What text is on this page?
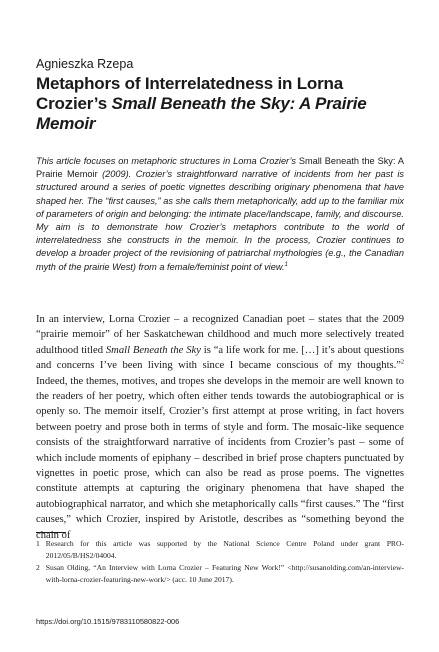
Agnieszka Rzepa
Metaphors of Interrelatedness in Lorna Crozier’s Small Beneath the Sky: A Prairie Memoir
This article focuses on metaphoric structures in Lorna Crozier’s Small Beneath the Sky: A Prairie Memoir (2009). Crozier’s straightforward narrative of incidents from her past is structured around a series of poetic vignettes describing originary phenomena that have shaped her. The “first causes,” as she calls them metaphorically, add up to the familiar mix of parameters of origin and belonging: the intimate place/landscape, family, and discourse. My aim is to demonstrate how Crozier’s metaphors contribute to the world of interrelatedness she constructs in the memoir. In the process, Crozier continues to develop a broader project of the revisioning of patriarchal mythologies (e.g., the Canadian myth of the prairie West) from a female/feminist point of view.$^1$

In an interview, Lorna Crozier – a recognized Canadian poet – states that the 2009 “prairie memoir” of her Saskatchewan childhood and much more selectively treated adulthood titled Small Beneath the Sky is “a life work for me. […] it’s about questions and concerns I’ve been living with since I became conscious of my thoughts.”$^2$ Indeed, the themes, motives, and tropes she develops in the memoir are well known to the readers of her poetry, which often either tends towards the autobiographical or is openly so. The memoir itself, Crozier’s first attempt at prose writing, in fact hovers between poetry and prose both in terms of style and form. The mosaic-like sequence consists of the straightforward narrative of incidents from Crozier’s past – some of which include moments of epiphany – described in brief prose chapters punctuated by vignettes in poetic prose, which can also be read as prose poems. The vignettes constitute attempts at capturing the originary phenomena that have shaped the autobiographical narrator, and which she metaphorically calls “first causes.” The “first causes,” which Crozier, inspired by Aristotle, describes as “something beyond the chain of

1 Research for this article was supported by the National Science Centre Poland under grant PRO-2012/05/B/HS2/04004.
2 Susan Olding, “An Interview with Lorna Crozier – Featuring New Work!” <http://susanolding.com/an-interview-with-lorna-crozier-featuring-new-work/> (acc. 10 June 2017).
https://doi.org/10.1515/9783110580822-006
